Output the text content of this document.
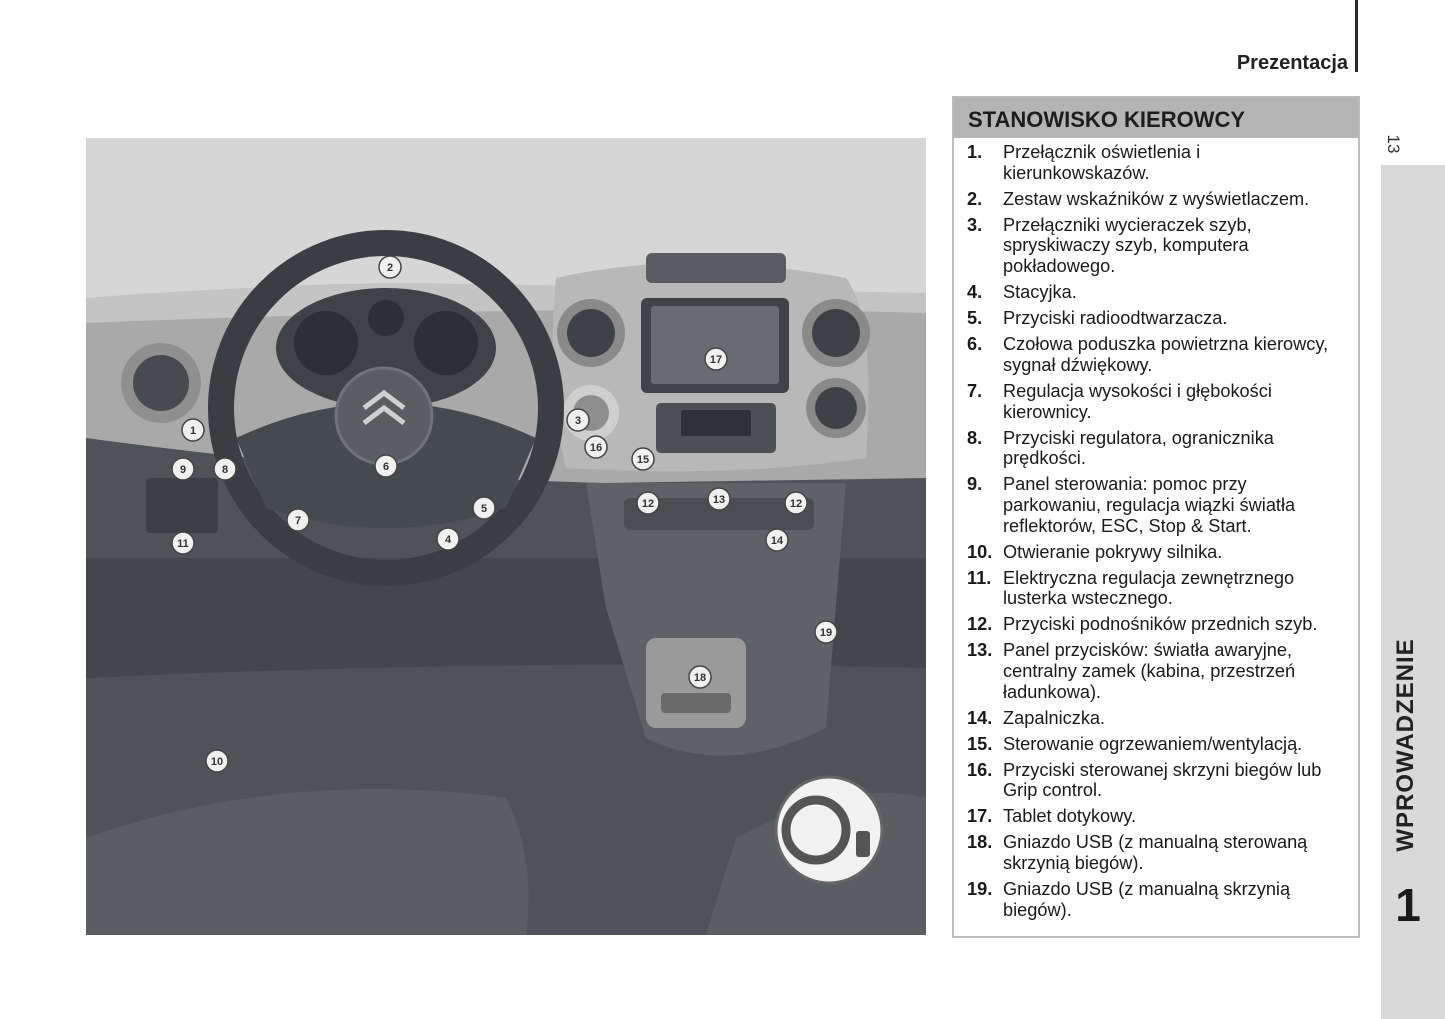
Prezentacja
13
WPROWADZENIE
1
1
2
3
4
5
6
7
8
9
10
11
12	12
13
14
15
16
17
18
19
STANOWISKO KIEROWCY
1.	Przełącznik oświetlenia i kierunkowskazów.
2.	Zestaw wskaźników z wyświetlaczem.
3.	Przełączniki wycieraczek szyb, spryskiwaczy szyb, komputera pokładowego.
4.	Stacyjka.
5.	Przyciski radioodtwarzacza.
6.	Czołowa poduszka powietrzna kierowcy, sygnał dźwiękowy.
7.	Regulacja wysokości i głębokości kierownicy.
8.	Przyciski regulatora, ogranicznika prędkości.
9.	Panel sterowania: pomoc przy parkowaniu, regulacja wiązki światła reflektorów, ESC, Stop & Start.
10. Otwieranie pokrywy silnika.
11. Elektryczna regulacja zewnętrznego lusterka wstecznego.
12. Przyciski podnośników przednich szyb.
13. Panel przycisków: światła awaryjne, centralny zamek (kabina, przestrzeń ładunkowa).
14. Zapalniczka.
15. Sterowanie ogrzewaniem/wentylacją.
16. Przyciski sterowanej skrzyni biegów lub Grip control.
17. Tablet dotykowy.
18. Gniazdo USB (z manualną sterowaną skrzynią biegów).
19. Gniazdo USB (z manualną skrzynią biegów).
